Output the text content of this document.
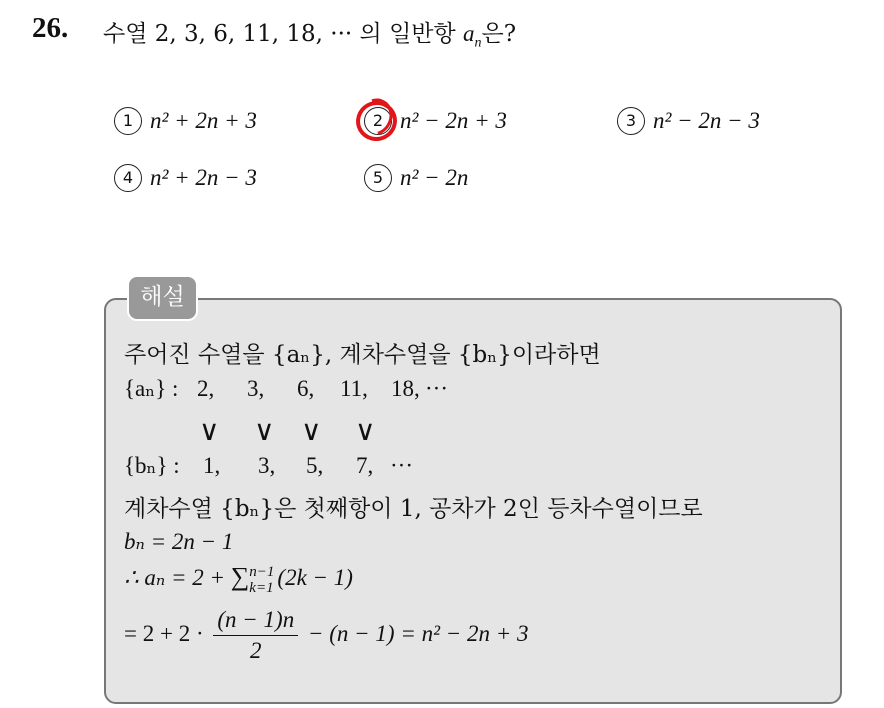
26. 수열 2, 3, 6, 11, 18, ··· 의 일반항 $a_n$은?
1 n² + 2n + 3	2 n² − 2n + 3	3 n² − 2n − 3
4 n² + 2n − 3	5 n² − 2n
해설
주어진 수열을 {aₙ}, 계차수열을 {bₙ}이라하면
{aₙ} : 2, 3, 6, 11, 18, ···
∨ ∨ ∨ ∨
{bₙ} : 1, 3, 5, 7, ···
계차수열 {bₙ}은 첫째항이 1, 공차가 2인 등차수열이므로
bₙ = 2n − 1
∴ aₙ = 2 + ∑ n−1
k=1 (2k − 1)
= $2 + 2 \cdot \frac{(n - 1)n}{2} - (n - 1) = n^2 - 2n + 3$
